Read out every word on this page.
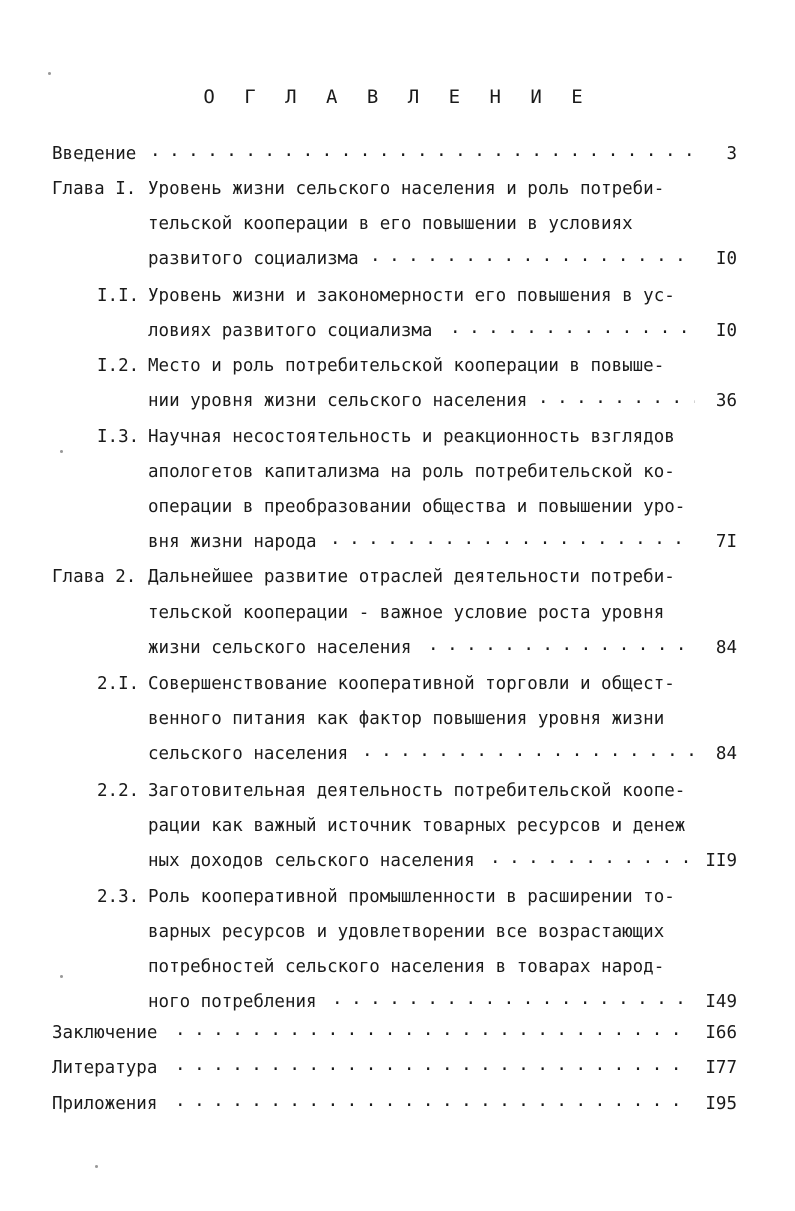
О Г Л А В Л Е Н И Е
Введение . . .	3
Глава I. Уровень жизни сельского населения и роль потреби-
тельской кооперации в его повышении в условиях
развитого социализма . . .	I0
I.I. Уровень жизни и закономерности его повышения в ус-
ловиях развитого социализма . . .	I0
I.2. Место и роль потребительской кооперации в повыше-
нии уровня жизни сельского населения . . .	36
I.3. Научная несостоятельность и реакционность взглядов
апологетов капитализма на роль потребительской ко-
операции в преобразовании общества и повышении уро-
вня жизни народа . . .	7I
Глава 2. Дальнейшее развитие отраслей деятельности потреби-
тельской кооперации - важное условие роста уровня
жизни сельского населения . . .	84
2.I. Совершенствование кооперативной торговли и общест-
венного питания как фактор повышения уровня жизни
сельского населения . . .	84
2.2. Заготовительная деятельность потребительской коопе-
рации как важный источник товарных ресурсов и денеж
ных доходов сельского населения . . .	II9
2.3. Роль кооперативной промышленности в расширении то-
варных ресурсов и удовлетворении все возрастающих
потребностей сельского населения в товарах народ-
ного потребления . . .	I49
Заключение . . .	I66
Литература . . .	I77
Приложения . . .	I95
